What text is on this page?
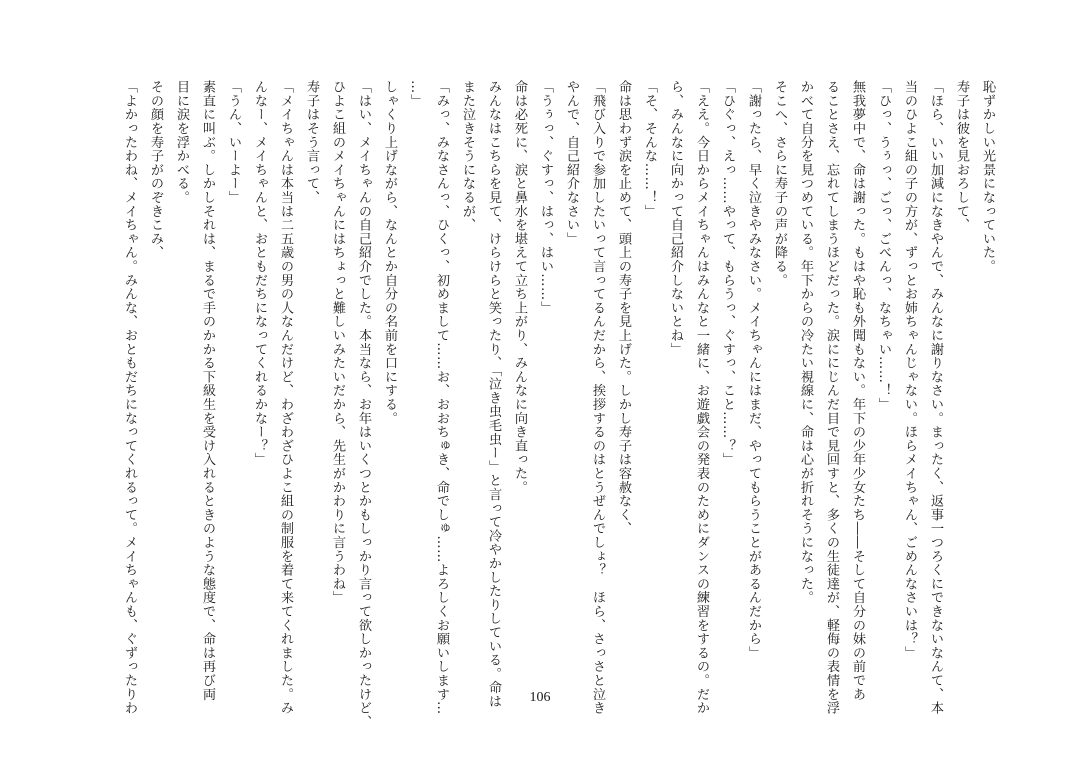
恥ずかしい光景になっていた。
寿子は彼を見おろして、
「ほら、いい加減になきやんで、みんなに謝りなさい。まったく、返事一つろくにできないなんて、本
当のひよこ組の子の方が、ずっとお姉ちゃんじゃない。ほらメイちゃん、ごめんなさいは？」
「ひっ、うぅっ、ごっ、ごべんっ、なちゃい……！」
無我夢中で、命は謝った。もはや恥も外聞もない。年下の少年少女たち――そして自分の妹の前であ
ることさえ、忘れてしまうほどだった。涙ににじんだ目で見回すと、多くの生徒達が、軽侮の表情を浮
かべて自分を見つめている。年下からの冷たい視線に、命は心が折れそうになった。
そこへ、さらに寿子の声が降る。
「謝ったら、早く泣きやみなさい。メイちゃんにはまだ、やってもらうことがあるんだから」
「ひぐっ、えっ……やって、もらうっ、ぐすっ、こと……？」
「ええ。今日からメイちゃんはみんなと一緒に、お遊戯会の発表のためにダンスの練習をするの。だか
ら、みんなに向かって自己紹介しないとね」
「そ、そんな……！」
命は思わず涙を止めて、頭上の寿子を見上げた。しかし寿子は容赦なく、
「飛び入りで参加したいって言ってるんだから、挨拶するのはとうぜんでしょ？　ほら、さっさと泣き
やんで、自己紹介なさい」
「うぅっ、ぐすっ、はっ、はい……」
命は必死に、涙と鼻水を堪えて立ち上がり、みんなに向き直った。
みんなはこちらを見て、けらけらと笑ったり、「泣き虫毛虫ー」と言って冷やかしたりしている。命は
また泣きそうになるが、
「みっ、みなさんっ、ひくっ、初めまして……お、おおちゅき、命でしゅ……よろしくお願いします…
…」
しゃくり上げながら、なんとか自分の名前を口にする。
「はい、メイちゃんの自己紹介でした。本当なら、お年はいくつとかもしっかり言って欲しかったけど、
ひよこ組のメイちゃんにはちょっと難しいみたいだから、先生がかわりに言うわね」
寿子はそう言って、
「メイちゃんは本当は二五歳の男の人なんだけど、わざわざひよこ組の制服を着て来てくれました。み
んなー、メイちゃんと、おともだちになってくれるかなー？」
「うん、いーよー」
素直に叫ぶ。しかしそれは、まるで手のかかる下級生を受け入れるときのような態度で、命は再び両
目に涙を浮かべる。
その顔を寿子がのぞきこみ、
「よかったわね、メイちゃん。みんな、おともだちになってくれるって。メイちゃんも、ぐずったりわ	106
